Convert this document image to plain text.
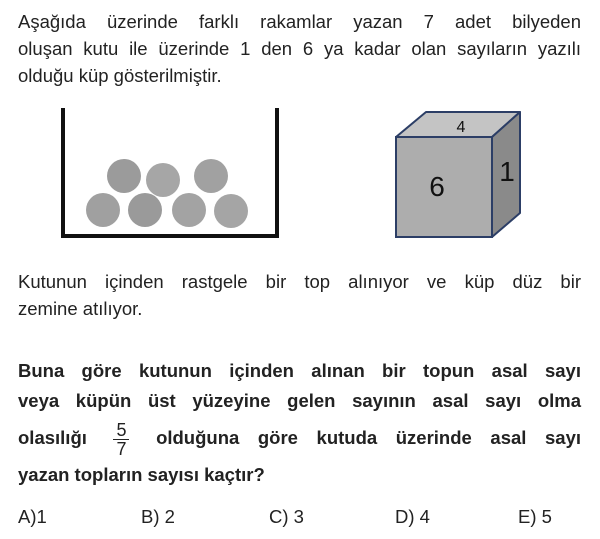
Aşağıda üzerinde farklı rakamlar yazan 7 adet bilyeden
oluşan kutu ile üzerinde 1 den 6 ya kadar olan sayıların yazılı
olduğu küp gösterilmiştir.
4
6 1
Kutunun içinden rastgele bir top alınıyor ve küp düz bir
zemine atılıyor.
Buna göre kutunun içinden alınan bir topun asal sayı
veya küpün üst yüzeyine gelen sayının asal sayı olma
olasılığı $\frac{5}{7}$ olduğuna göre kutuda üzerinde asal sayı
yazan topların sayısı kaçtır?
A)1	B) 2	C) 3	D) 4	E) 5
